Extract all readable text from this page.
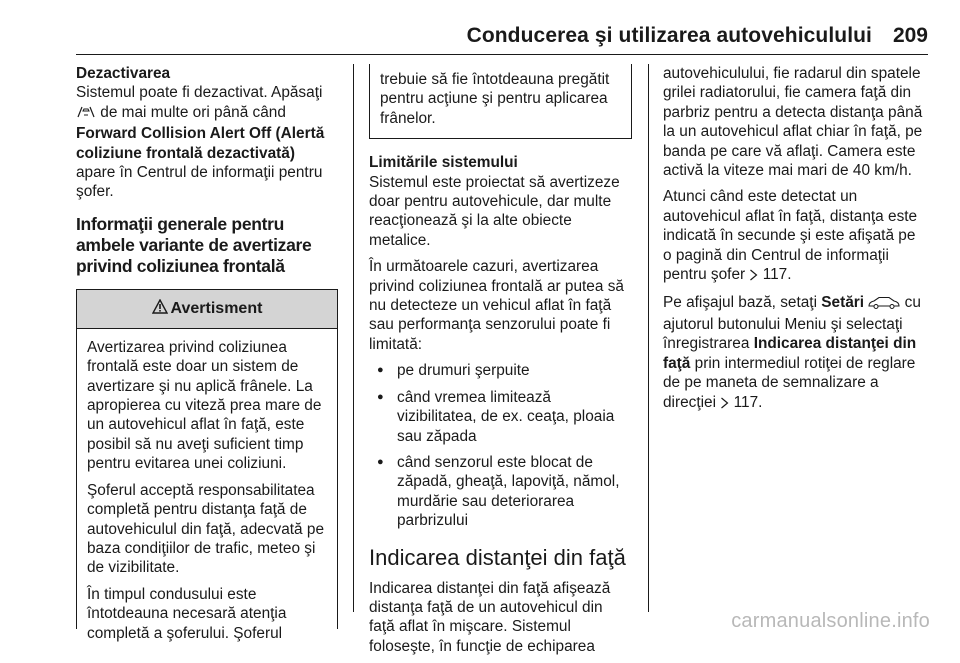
Conducerea şi utilizarea autovehiculului 209
Dezactivarea

Sistemul poate fi dezactivat. Apăsaţi
de mai multe ori până când Forward Collision Alert Off (Alertă coliziune frontală dezactivată) apare în Centrul de informaţii pentru şofer.

Informaţii generale pentru ambele variante de avertizare privind coliziunea frontală
Avertisment

Avertizarea privind coliziunea frontală este doar un sistem de avertizare şi nu aplică frânele. La apropierea cu viteză prea mare de un autovehicul aflat în faţă, este posibil să nu aveţi suficient timp pentru evitarea unei coliziuni.

Şoferul acceptă responsabilitatea completă pentru distanţa faţă de autovehiculul din faţă, adecvată pe baza condiţiilor de trafic, meteo şi de vizibilitate.

În timpul condusului este întotdeauna necesară atenţia completă a şoferului. Şoferul

trebuie să fie întotdeauna pregătit pentru acţiune şi pentru aplicarea frânelor.
Limitările sistemului

Sistemul este proiectat să avertizeze doar pentru autovehicule, dar multe reacţionează şi la alte obiecte metalice.

În următoarele cazuri, avertizarea privind coliziunea frontală ar putea să nu detecteze un vehicul aflat în faţă sau performanţa senzorului poate fi limitată:

● pe drumuri şerpuite
● când vremea limitează vizibilitatea, de ex. ceaţa, ploaia sau zăpada
● când senzorul este blocat de zăpadă, gheaţă, lapoviţă, nămol, murdărie sau deteriorarea parbrizului
Indicarea distanţei din faţă

Indicarea distanţei din faţă afişează distanţa faţă de un autovehicul din faţă aflat în mişcare. Sistemul foloseşte, în funcţie de echiparea

autovehiculului, fie radarul din spatele grilei radiatorului, fie camera faţă din parbriz pentru a detecta distanţa până la un autovehicul aflat chiar în faţă, pe banda pe care vă aflaţi. Camera este activă la viteze mai mari de 40 km/h.

Atunci când este detectat un autovehicul aflat în faţă, distanţa este indicată în secunde şi este afişată pe o pagină din Centrul de informaţii pentru şofer 117.

Pe afişajul bază, setaţi Setări  cu ajutorul butonului Meniu şi selectaţi înregistrarea Indicarea distanţei din faţă prin intermediul rotiţei de reglare de pe maneta de semnalizare a direcţiei 117.

carmanualsonline.info
